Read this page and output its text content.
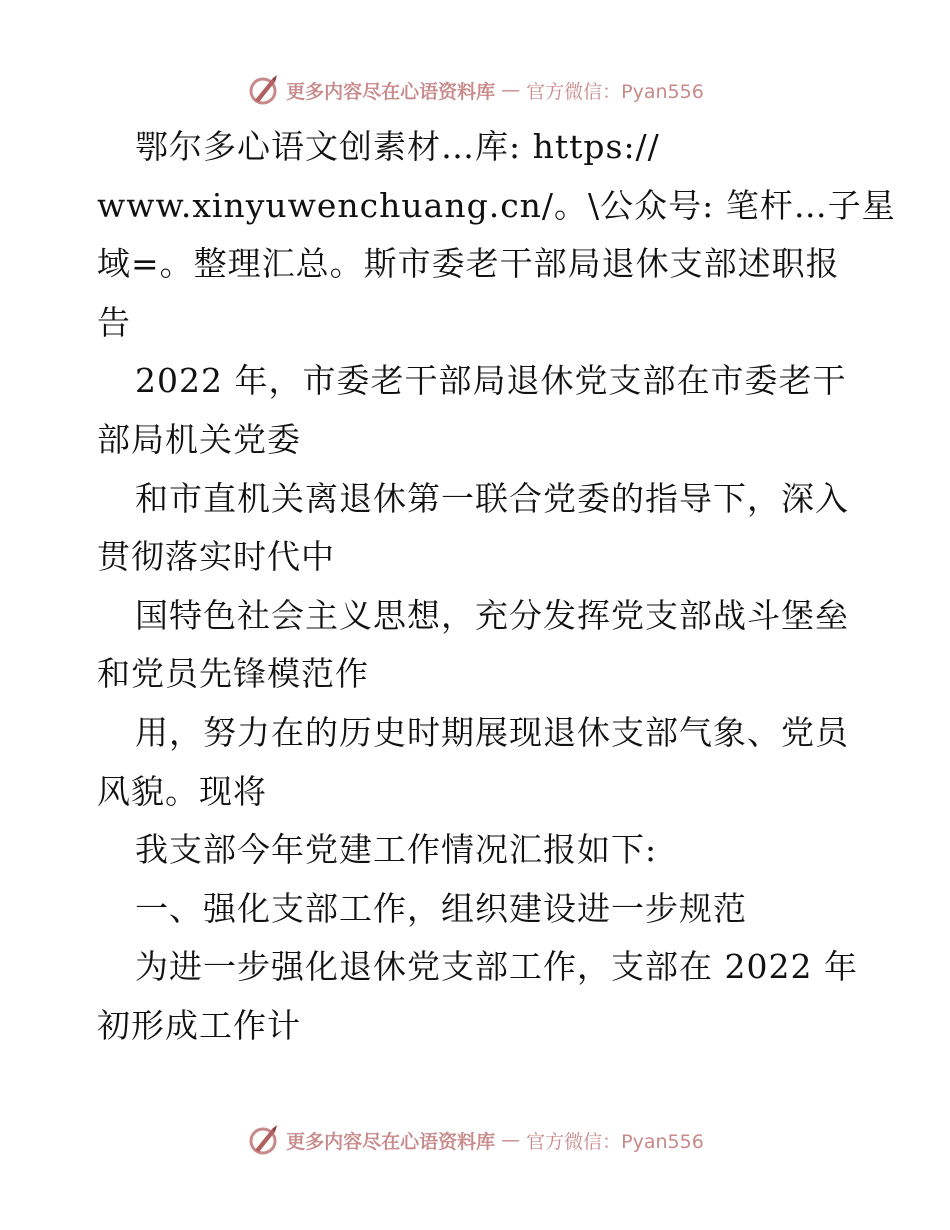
更多内容尽在心语资料库 — 官方微信：Pyan556
鄂尔多心语文创素材…库: https://
www.xinyuwenchuang.cn/。\公众号: 笔杆…子星
域=。整理汇总。斯市委老干部局退休支部述职报
告
2022 年，市委老干部局退休党支部在市委老干
部局机关党委
和市直机关离退休第一联合党委的指导下，深入
贯彻落实时代中
国特色社会主义思想，充分发挥党支部战斗堡垒
和党员先锋模范作
用，努力在的历史时期展现退休支部气象、党员
风貌。现将
我支部今年党建工作情况汇报如下:
一、强化支部工作，组织建设进一步规范
为进一步强化退休党支部工作，支部在 2022 年
初形成工作计
更多内容尽在心语资料库 — 官方微信：Pyan556
